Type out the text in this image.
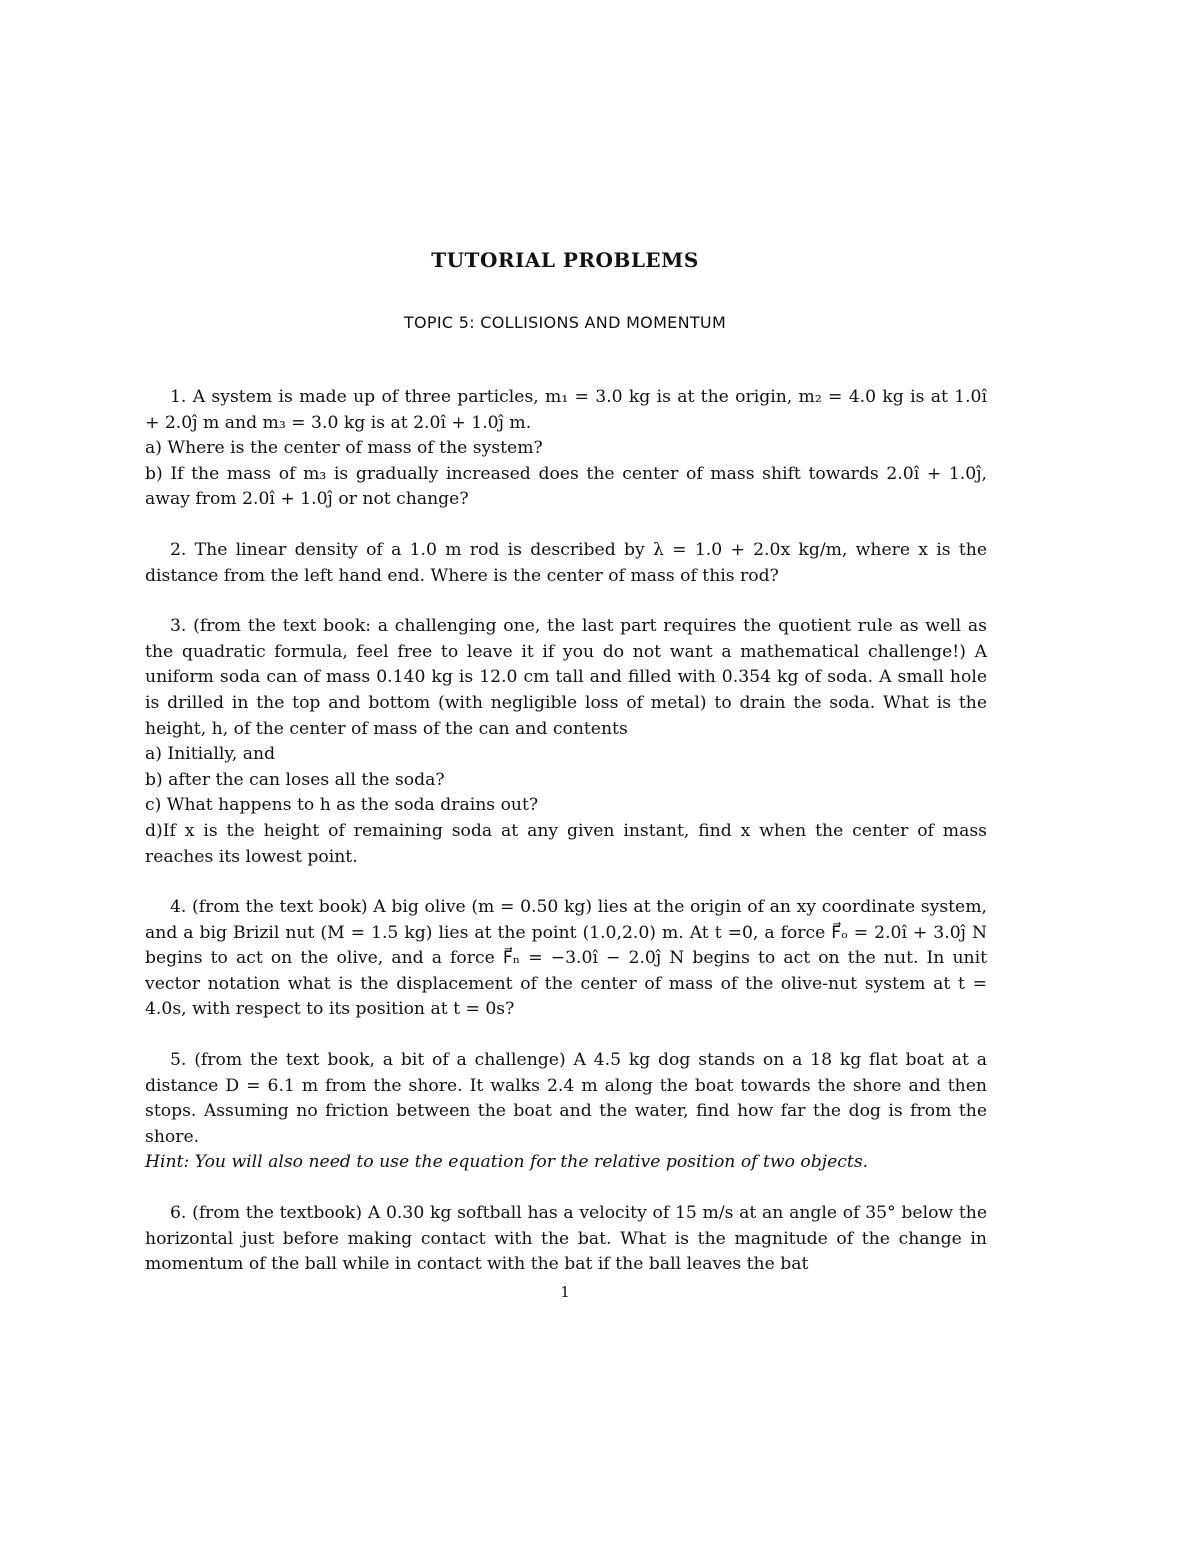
TUTORIAL PROBLEMS
TOPIC 5: COLLISIONS AND MOMENTUM

1. A system is made up of three particles, m₁ = 3.0 kg is at the origin, m₂ = 4.0 kg is at 1.0î + 2.0ĵ m and m₃ = 3.0 kg is at 2.0î + 1.0ĵ m.

a) Where is the center of mass of the system?

b) If the mass of m₃ is gradually increased does the center of mass shift towards 2.0î + 1.0ĵ, away from 2.0î + 1.0ĵ or not change?

2. The linear density of a 1.0 m rod is described by λ = 1.0 + 2.0x kg/m, where x is the distance from the left hand end. Where is the center of mass of this rod?

3. (from the text book: a challenging one, the last part requires the quotient rule as well as the quadratic formula, feel free to leave it if you do not want a mathematical challenge!) A uniform soda can of mass 0.140 kg is 12.0 cm tall and filled with 0.354 kg of soda. A small hole is drilled in the top and bottom (with negligible loss of metal) to drain the soda. What is the height, h, of the center of mass of the can and contents

a) Initially, and

b) after the can loses all the soda?

c) What happens to h as the soda drains out?

d)If x is the height of remaining soda at any given instant, find x when the center of mass reaches its lowest point.

4. (from the text book) A big olive (m = 0.50 kg) lies at the origin of an xy coordinate system, and a big Brizil nut (M = 1.5 kg) lies at the point (1.0,2.0) m. At t =0, a force F⃗ₒ = 2.0î + 3.0ĵ N begins to act on the olive, and a force F⃗ₙ = −3.0î − 2.0ĵ N begins to act on the nut. In unit vector notation what is the displacement of the center of mass of the olive-nut system at t = 4.0s, with respect to its position at t = 0s?

5. (from the text book, a bit of a challenge) A 4.5 kg dog stands on a 18 kg flat boat at a distance D = 6.1 m from the shore. It walks 2.4 m along the boat towards the shore and then stops. Assuming no friction between the boat and the water, find how far the dog is from the shore.

Hint: You will also need to use the equation for the relative position of two objects.

6. (from the textbook) A 0.30 kg softball has a velocity of 15 m/s at an angle of 35° below the horizontal just before making contact with the bat. What is the magnitude of the change in momentum of the ball while in contact with the bat if the ball leaves the bat

1
